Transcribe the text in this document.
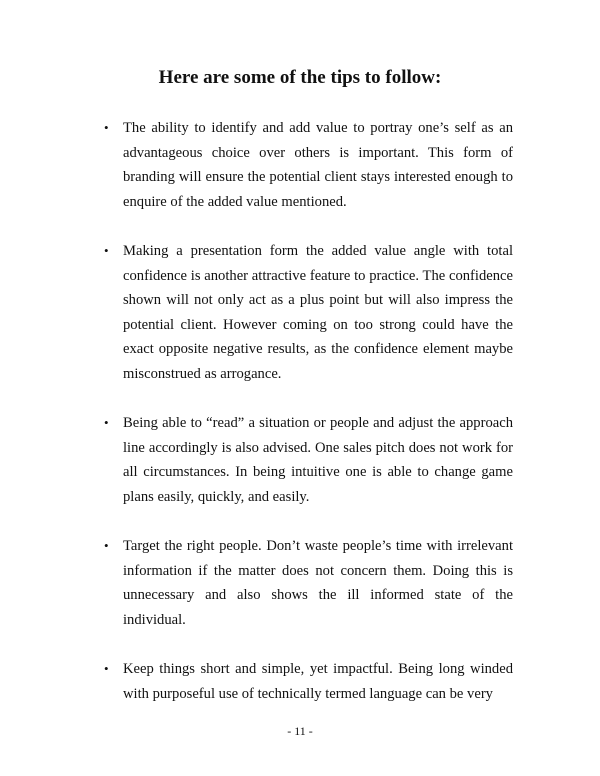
Here are some of the tips to follow:
• The ability to identify and add value to portray one’s self as an advantageous choice over others is important. This form of branding will ensure the potential client stays interested enough to enquire of the added value mentioned.
• Making a presentation form the added value angle with total confidence is another attractive feature to practice. The confidence shown will not only act as a plus point but will also impress the potential client. However coming on too strong could have the exact opposite negative results, as the confidence element maybe misconstrued as arrogance.
• Being able to “read” a situation or people and adjust the approach line accordingly is also advised. One sales pitch does not work for all circumstances. In being intuitive one is able to change game plans easily, quickly, and easily.
• Target the right people. Don’t waste people’s time with irrelevant information if the matter does not concern them. Doing this is unnecessary and also shows the ill informed state of the individual.
• Keep things short and simple, yet impactful. Being long winded with purposeful use of technically termed language can be very
- 11 -
